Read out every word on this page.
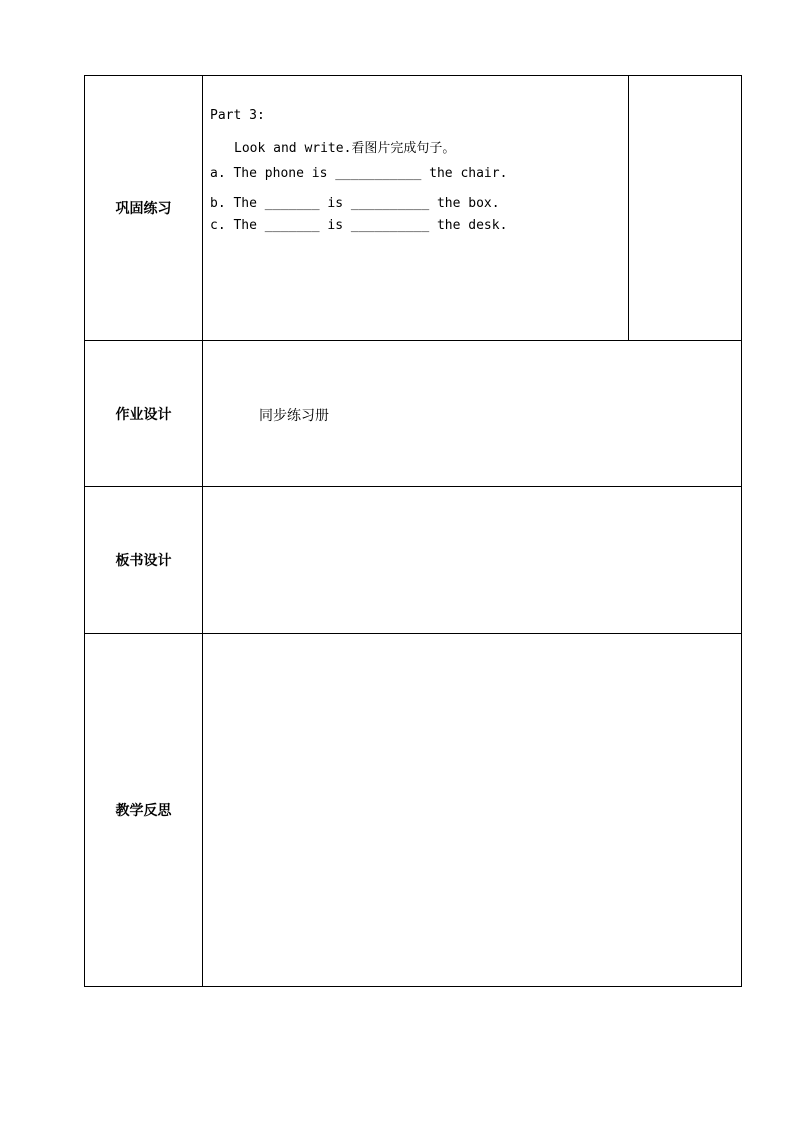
巩固练习
Part 3:
Look and write.看图片完成句子。
a. The phone is ___________ the chair.
b. The _______ is __________ the box.
c. The _______ is __________ the desk.
作业设计	同步练习册
板书设计
教学反思
